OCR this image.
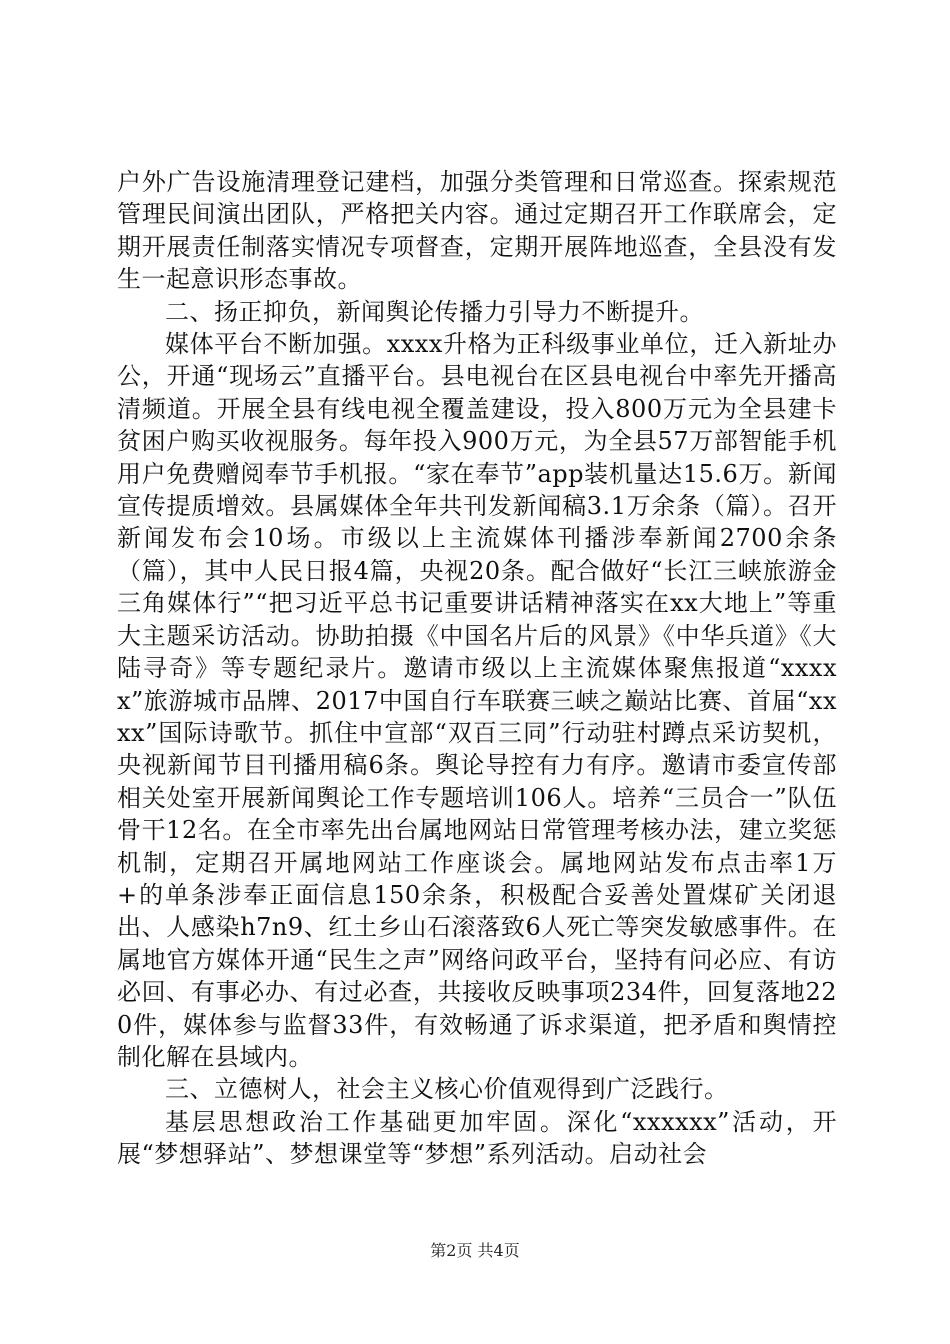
户外广告设施清理登记建档，加强分类管理和日常巡查。探索规范管理民间演出团队，严格把关内容。通过定期召开工作联席会，定期开展责任制落实情况专项督查，定期开展阵地巡查，全县没有发生一起意识形态事故。

二、扬正抑负，新闻舆论传播力引导力不断提升。

媒体平台不断加强。xxxx升格为正科级事业单位，迁入新址办公，开通“现场云”直播平台。县电视台在区县电视台中率先开播高清频道。开展全县有线电视全覆盖建设，投入800万元为全县建卡贫困户购买收视服务。每年投入900万元，为全县57万部智能手机用户免费赠阅奉节手机报。“家在奉节”app装机量达15.6万。新闻宣传提质增效。县属媒体全年共刊发新闻稿3.1万余条（篇）。召开新闻发布会10场。市级以上主流媒体刊播涉奉新闻2700余条（篇），其中人民日报4篇，央视20条。配合做好“长江三峡旅游金三角媒体行”“把习近平总书记重要讲话精神落实在xx大地上”等重大主题采访活动。协助拍摄《中国名片后的风景》《中华兵道》《大陆寻奇》等专题纪录片。邀请市级以上主流媒体聚焦报道“xxxxx”旅游城市品牌、2017中国自行车联赛三峡之巅站比赛、首届“xxxx”国际诗歌节。抓住中宣部“双百三同”行动驻村蹲点采访契机，央视新闻节目刊播用稿6条。舆论导控有力有序。邀请市委宣传部相关处室开展新闻舆论工作专题培训106人。培养“三员合一”队伍骨干12名。在全市率先出台属地网站日常管理考核办法，建立奖惩机制，定期召开属地网站工作座谈会。属地网站发布点击率1万+的单条涉奉正面信息150余条，积极配合妥善处置煤矿关闭退出、人感染h7n9、红土乡山石滚落致6人死亡等突发敏感事件。在属地官方媒体开通“民生之声”网络问政平台，坚持有问必应、有访必回、有事必办、有过必查，共接收反映事项234件，回复落地220件，媒体参与监督33件，有效畅通了诉求渠道，把矛盾和舆情控制化解在县域内。

三、立德树人，社会主义核心价值观得到广泛践行。

基层思想政治工作基础更加牢固。深化“xxxxxx”活动，开展“梦想驿站”、梦想课堂等“梦想”系列活动。启动社会

第2页 共4页
